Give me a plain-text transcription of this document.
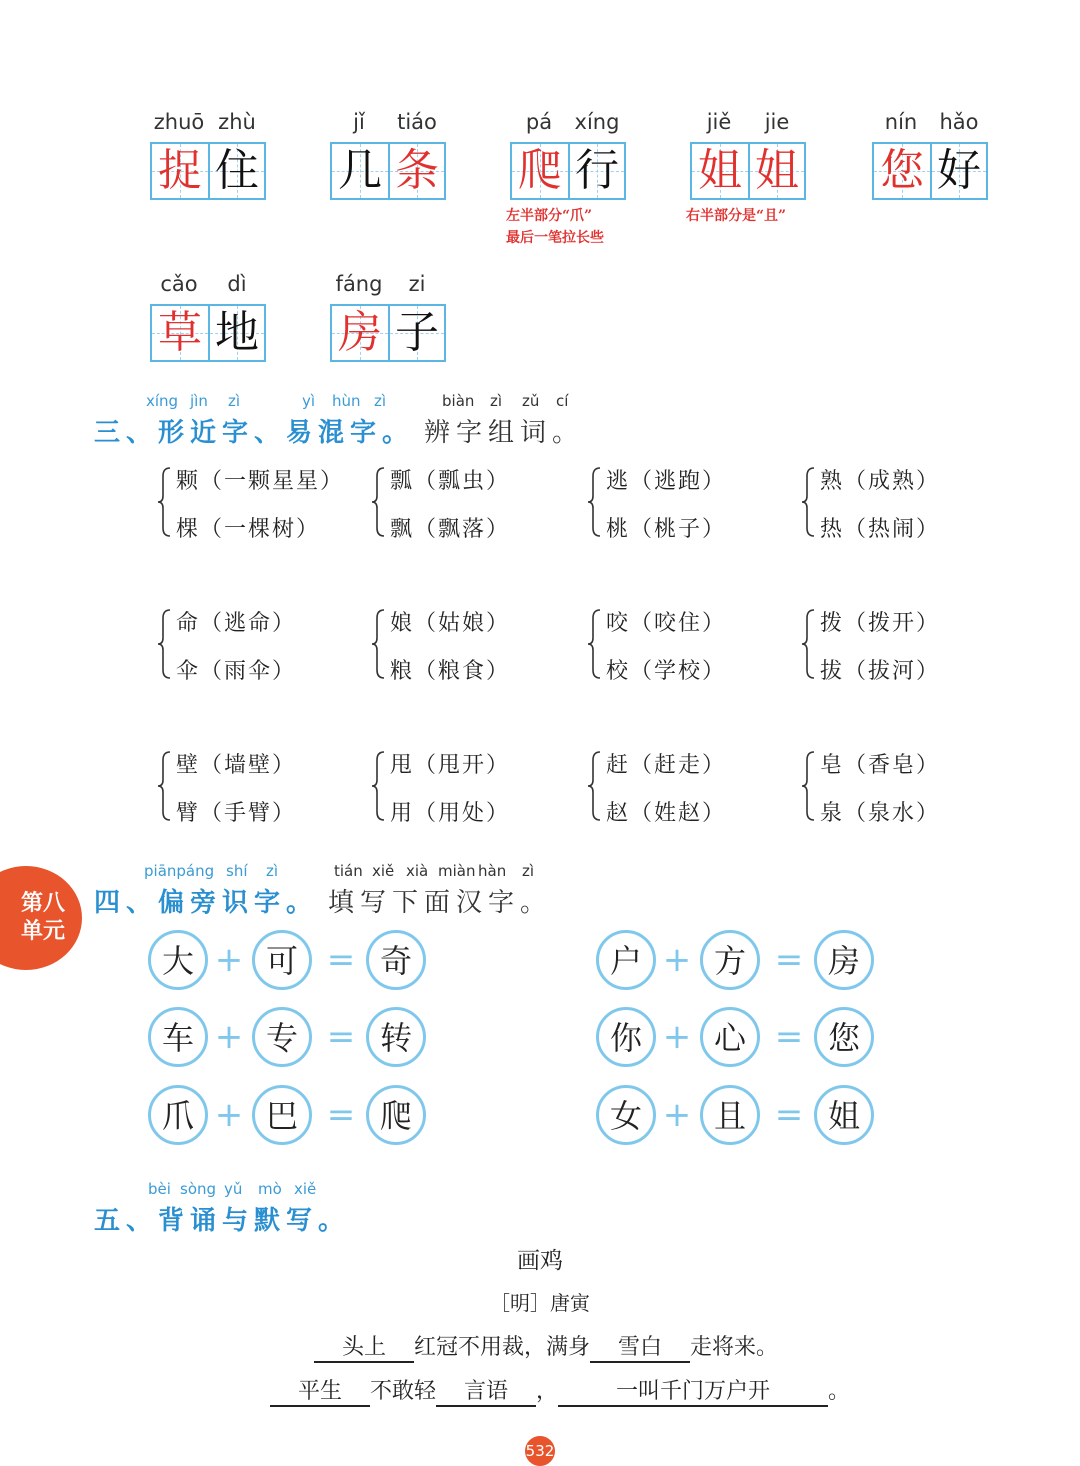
zhuō zhù
捉 住
jǐ	tiáo
几 条
pá	xíng
爬 行
jiě	jie
姐 姐
nín	hǎo
您 好
左半部分“爪”
最后一笔拉长些
右半部分是“且”
cǎo	dì
草 地
fáng	zi
房 子
xíng jìn zì	yì hùn zì	biàn zì zǔ cí
三、形近字、易混字。 辨字组词。
颗（一颗星星）
棵（一棵树）
瓢（瓢虫）
飘（飘落）
逃（逃跑）
桃（桃子）
熟（成熟）
热（热闹）
命（逃命）
伞（雨伞）
娘（姑娘）
粮（粮食）
咬（咬住）
校（学校）
拨（拨开）
拔（拔河）
壁（墙壁）
臂（手臂）
甩（甩开）
用（用处）
赶（赶走）
赵（姓赵）
皂（香皂）
泉（泉水）
第八
单元
piānpáng shí zì	tián xiě xià miàn hàn zì
四、偏旁识字。 填写下面汉字。
大 + 可 = 奇	户 + 方 = 房
车 + 专 = 转	你 + 心 = 您
爪 + 巴 = 爬	女 + 且 = 姐
bèi sòng yǔ mò xiě
五、背诵与默写。
画鸡
［明］唐寅
头上 红冠不用裁，满身 雪白 走将来。
平生 不敢轻 言语 ，	一叫千门万户开	。
532
